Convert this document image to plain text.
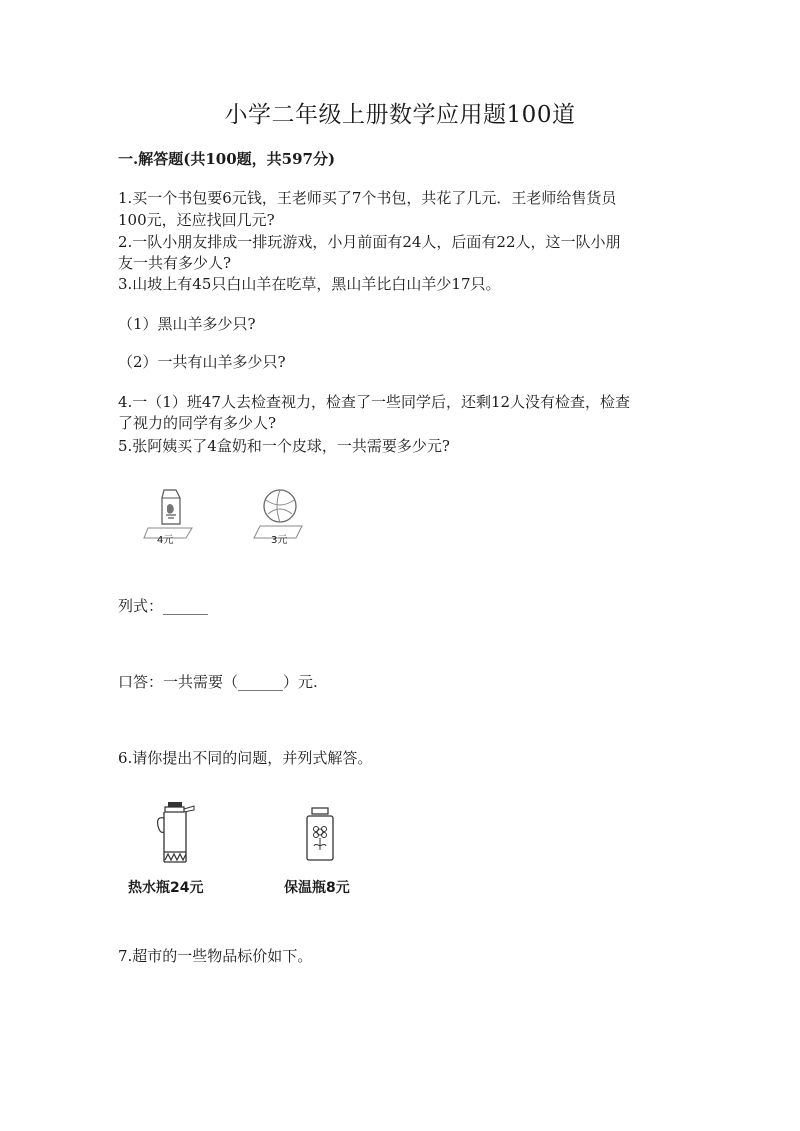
小学二年级上册数学应用题100道
一.解答题(共100题，共597分)
1.买一个书包要6元钱，王老师买了7个书包，共花了几元．王老师给售货员
100元，还应找回几元?
2.一队小朋友排成一排玩游戏，小月前面有24人，后面有22人，这一队小朋
友一共有多少人?
3.山坡上有45只白山羊在吃草，黑山羊比白山羊少17只。
（1）黑山羊多少只?
（2）一共有山羊多少只?
4.一（1）班47人去检查视力，检查了一些同学后，还剩12人没有检查，检查
了视力的同学有多少人?
5.张阿姨买了4盒奶和一个皮球，一共需要多少元?
4元	3元
列式：______
口答：一共需要（______）元.
6.请你提出不同的问题，并列式解答。
热水瓶24元	保温瓶8元
7.超市的一些物品标价如下。
